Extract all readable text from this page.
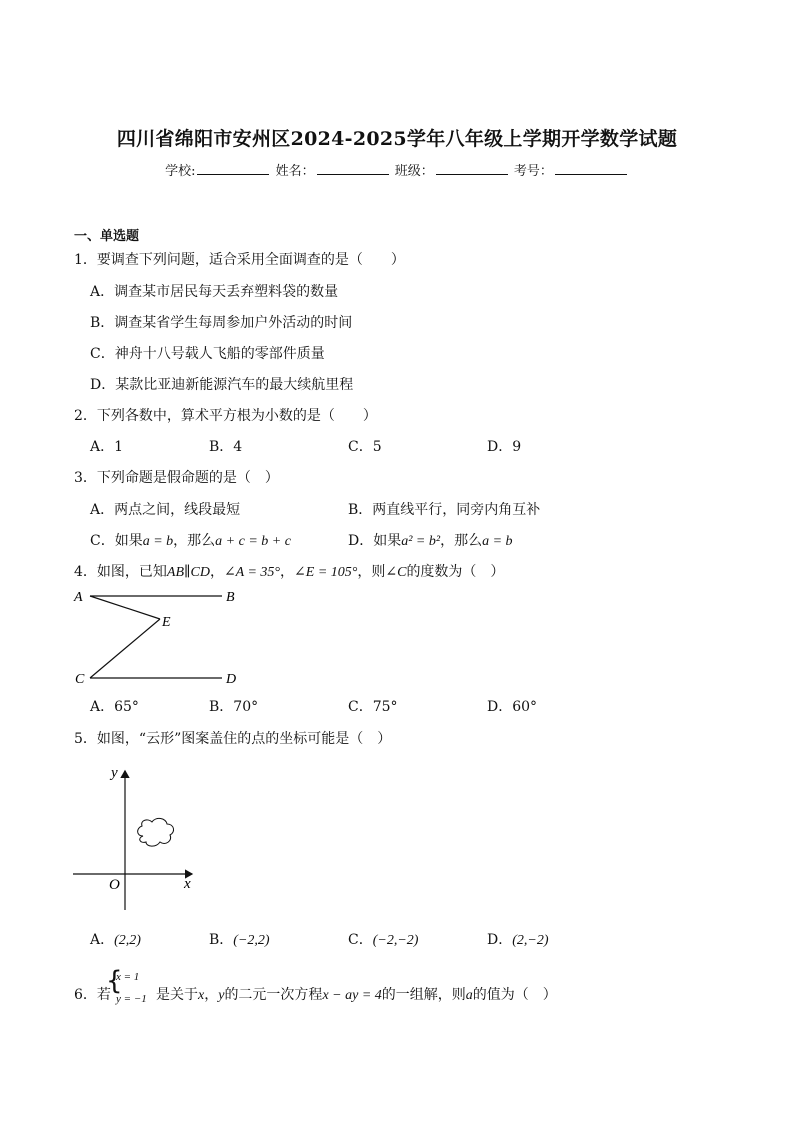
四川省绵阳市安州区2024-2025学年八年级上学期开学数学试题
学校:	姓名：	班级：	考号：
一、单选题
1．要调查下列问题，适合采用全面调查的是（　　）
A．调查某市居民每天丢弃塑料袋的数量
B．调查某省学生每周参加户外活动的时间
C．神舟十八号载人飞船的零部件质量
D．某款比亚迪新能源汽车的最大续航里程
2．下列各数中，算术平方根为小数的是（　　）
A．1	B．4	C．5	D．9
3．下列命题是假命题的是（　）
A．两点之间，线段最短	B．两直线平行，同旁内角互补
C．如果a = b，那么a + c = b + c	D．如果a² = b²，那么a = b
4．如图，已知AB∥CD，∠A = 35°，∠E = 105°，则∠C的度数为（　）
A	B
E
C	D
A．65°	B．70°	C．75°	D．60°
5．如图，“云形”图案盖住的点的坐标可能是（　）
y
x
O
A．(2,2)	B．(−2,2)	C．(−2,−2)	D．(2,−2)
6．若
{
x = 1
y = −1 是关于x，y的二元一次方程x − ay = 4的一组解，则a的值为（　）
